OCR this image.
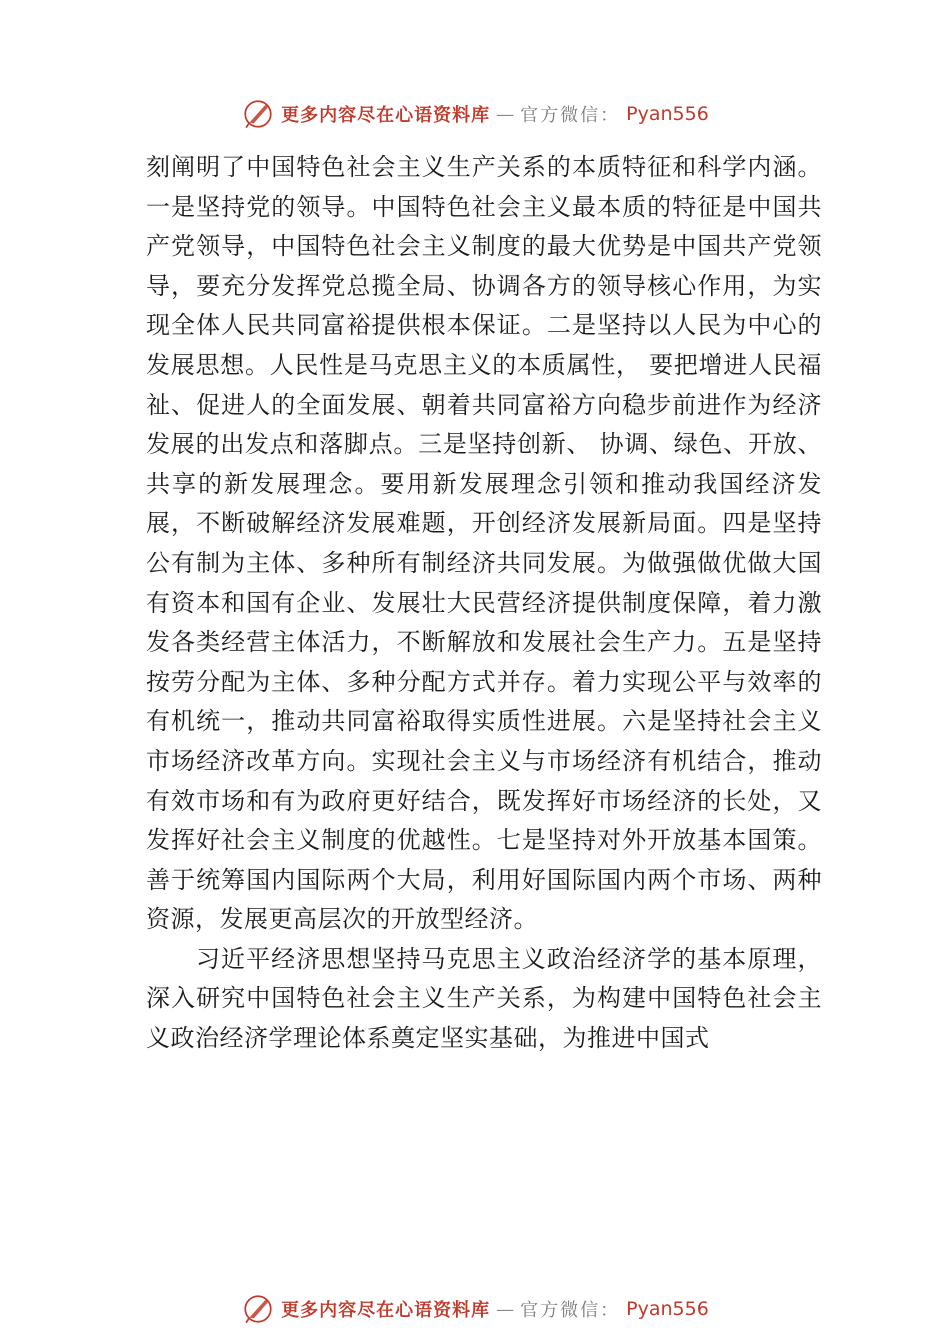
更多内容尽在心语资料库 — 官方微信： Pyan556

刻阐明了中国特色社会主义生产关系的本质特征和科学内涵。一是坚持党的领导。中国特色社会主义最本质的特征是中国共产党领导，中国特色社会主义制度的最大优势是中国共产党领导，要充分发挥党总揽全局、协调各方的领导核心作用，为实现全体人民共同富裕提供根本保证。二是坚持以人民为中心的发展思想。人民性是马克思主义的本质属性， 要把增进人民福祉、促进人的全面发展、朝着共同富裕方向稳步前进作为经济发展的出发点和落脚点。三是坚持创新、 协调、绿色、开放、共享的新发展理念。要用新发展理念引领和推动我国经济发展，不断破解经济发展难题，开创经济发展新局面。四是坚持公有制为主体、多种所有制经济共同发展。为做强做优做大国有资本和国有企业、发展壮大民营经济提供制度保障，着力激发各类经营主体活力，不断解放和发展社会生产力。五是坚持按劳分配为主体、多种分配方式并存。着力实现公平与效率的有机统一，推动共同富裕取得实质性进展。六是坚持社会主义市场经济改革方向。实现社会主义与市场经济有机结合，推动有效市场和有为政府更好结合，既发挥好市场经济的长处，又发挥好社会主义制度的优越性。七是坚持对外开放基本国策。善于统筹国内国际两个大局，利用好国际国内两个市场、两种资源，发展更高层次的开放型经济。

习近平经济思想坚持马克思主义政治经济学的基本原理，深入研究中国特色社会主义生产关系，为构建中国特色社会主义政治经济学理论体系奠定坚实基础，为推进中国式

更多内容尽在心语资料库 — 官方微信： Pyan556
